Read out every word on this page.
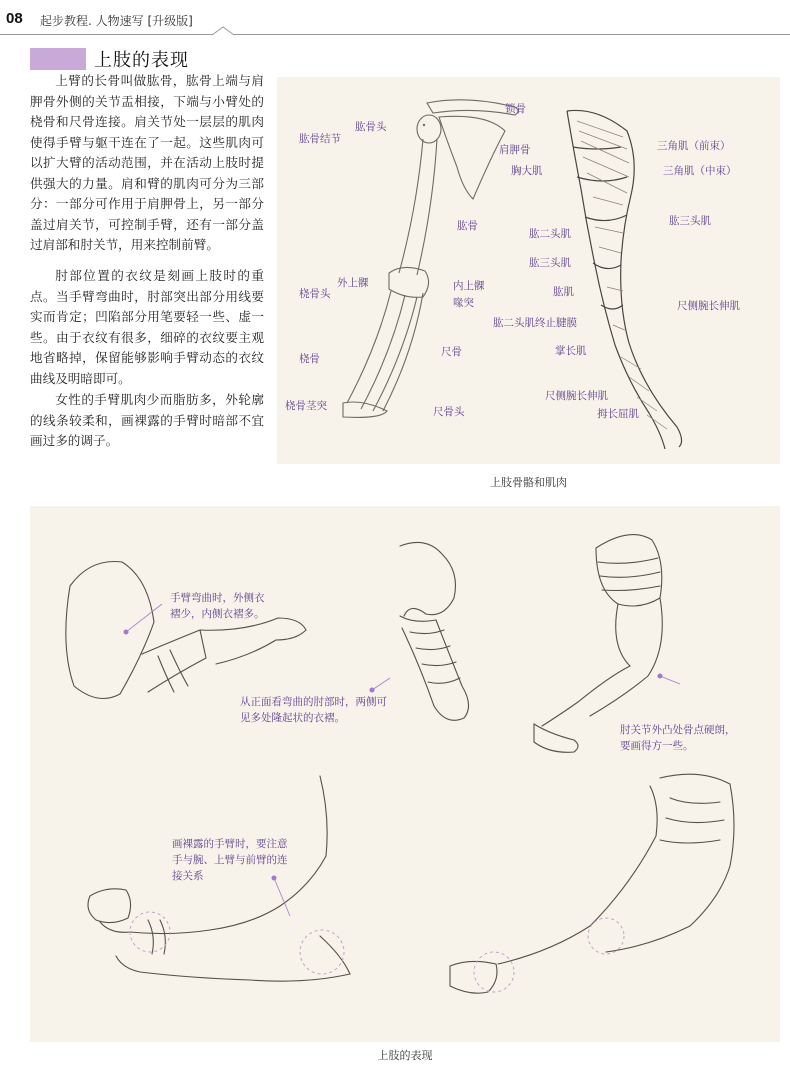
08 起步教程. 人物速写 [升级版]
上肢的表现
上臂的长骨叫做肱骨，肱骨上端与肩胛骨外侧的关节盂相接，下端与小臂处的桡骨和尺骨连接。肩关节处一层层的肌肉使得手臂与躯干连在了一起。这些肌肉可以扩大臂的活动范围，并在活动上肢时提供强大的力量。肩和臂的肌肉可分为三部分：一部分可作用于肩胛骨上，另一部分盖过肩关节，可控制手臂，还有一部分盖过肩部和肘关节，用来控制前臂。
肘部位置的衣纹是刻画上肢时的重点。当手臂弯曲时，肘部突出部分用线要实而肯定；凹陷部分用笔要轻一些、虚一些。由于衣纹有很多，细碎的衣纹要主观地省略掉，保留能够影响手臂动态的衣纹曲线及明暗即可。
女性的手臂肌肉少而脂肪多，外轮廓的线条较柔和，画裸露的手臂时暗部不宜画过多的调子。
锁骨
肱骨头
肱骨结节
肩胛骨
肱骨
外上髁	内上髁
桡骨头
喙突
桡骨
尺骨
桡骨茎突	尺骨头
三角肌（前束）
胸大肌	三角肌（中束）
肱三头肌
肱二头肌
肱三头肌
肱肌
尺侧腕长伸肌
肱二头肌终止腱膜
掌长肌
尺侧腕长伸肌
拇长屈肌
上肢骨骼和肌肉
手臂弯曲时，外侧衣
褶少，内侧衣褶多。
从正面看弯曲的肘部时，两侧可
见多处隆起状的衣褶。
肘关节外凸处骨点硬朗，
要画得方一些。
画裸露的手臂时，要注意
手与腕、上臂与前臂的连
接关系
上肢的表现
